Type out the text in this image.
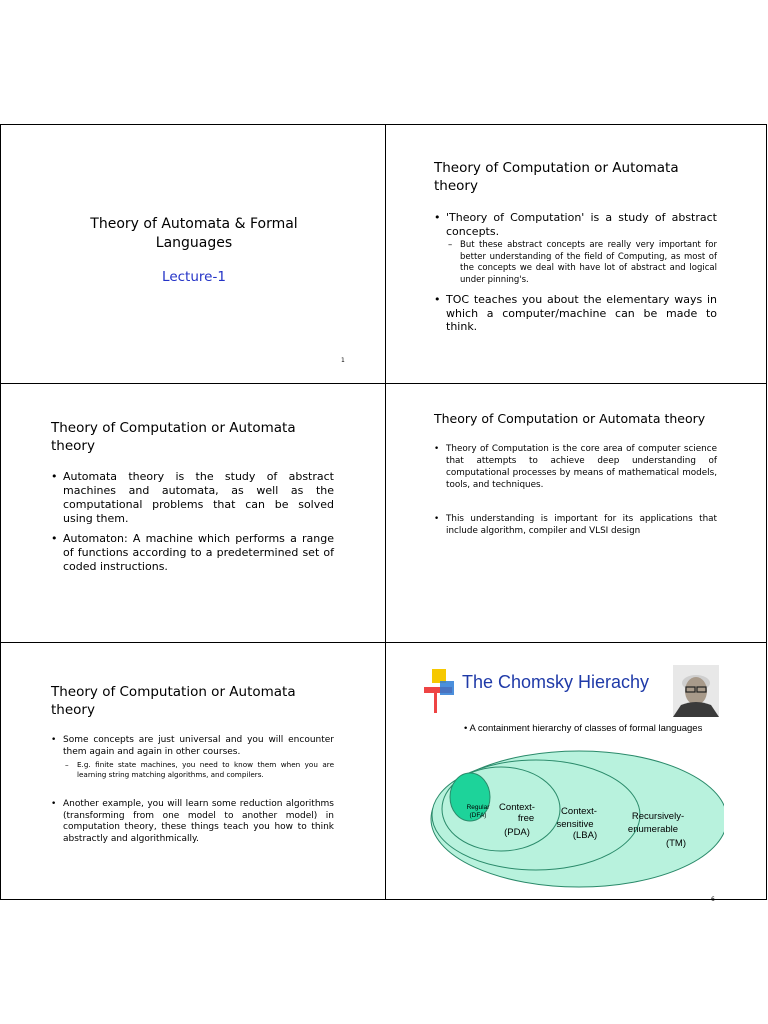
Theory of Automata & Formal Languages
Lecture-1
1
Theory of Computation or Automata theory
• 'Theory of Computation' is a study of abstract concepts.
– But these abstract concepts are really very important for better understanding of the field of Computing, as most of the concepts we deal with have lot of abstract and logical under pinning's.
• TOC teaches you about the elementary ways in which a computer/machine can be made to think.
Theory of Computation or Automata theory
• Automata theory is the study of abstract machines and automata, as well as the computational problems that can be solved using them.
• Automaton: A machine which performs a range of functions according to a predetermined set of coded instructions.
Theory of Computation or Automata theory
• Theory of Computation is the core area of computer science that attempts to achieve deep understanding of computational processes by means of mathematical models, tools, and techniques.
• This understanding is important for its applications that include algorithm, compiler and VLSI design
Theory of Computation or Automata theory
• Some concepts are just universal and you will encounter them again and again in other courses.
– E.g. finite state machines, you need to know them when you are learning string matching algorithms, and compilers.
• Another example, you will learn some reduction algorithms (transforming from one model to another model) in computation theory, these things teach you how to think abstractly and algorithmically.
The Chomsky Hierachy
• A containment hierarchy of classes of formal languages
Regular
(DFA)
Context-
free
(PDA)
Context-
sensitive
(LBA)
Recursively-
enumerable
(TM)
6
